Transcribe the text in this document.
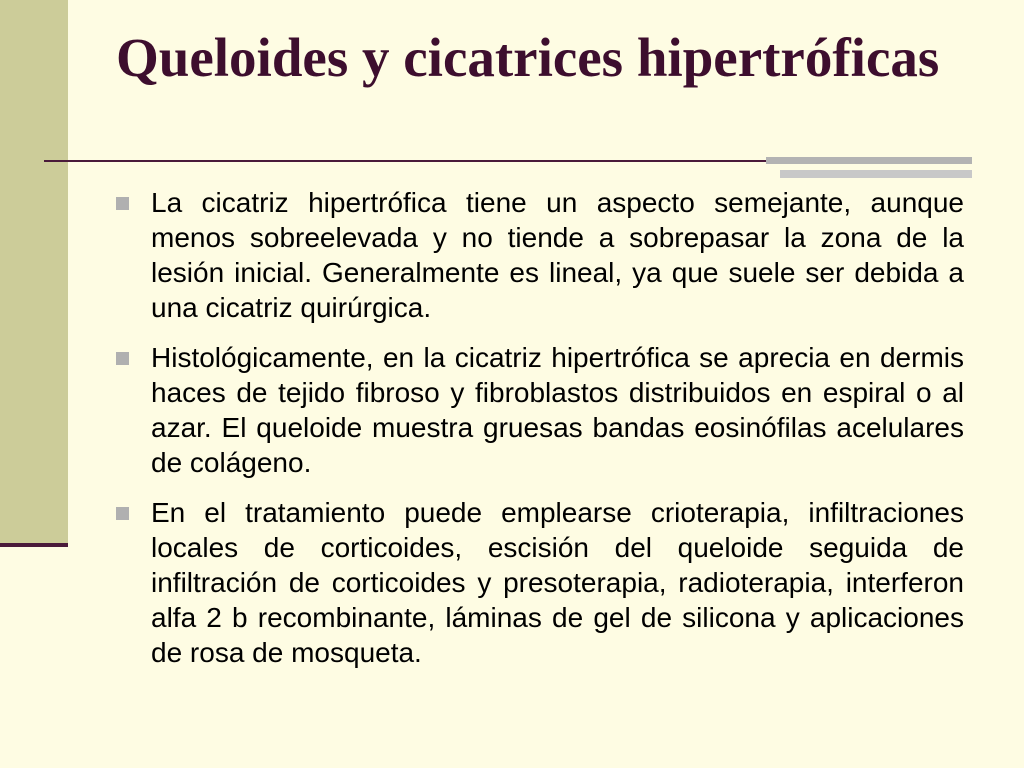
Queloides y cicatrices hipertróficas
La cicatriz hipertrófica tiene un aspecto semejante, aunque menos sobreelevada y no tiende a sobrepasar la zona de la lesión inicial. Generalmente es lineal, ya que suele ser debida a una cicatriz quirúrgica.
Histológicamente, en la cicatriz hipertrófica se aprecia en dermis haces de tejido fibroso y fibroblastos distribuidos en espiral o al azar. El queloide muestra gruesas bandas eosinófilas acelulares de colágeno.
En el tratamiento puede emplearse crioterapia, infiltraciones locales de corticoides, escisión del queloide seguida de infiltración de corticoides y presoterapia, radioterapia, interferon alfa 2 b recombinante, láminas de gel de silicona y aplicaciones de rosa de mosqueta.
